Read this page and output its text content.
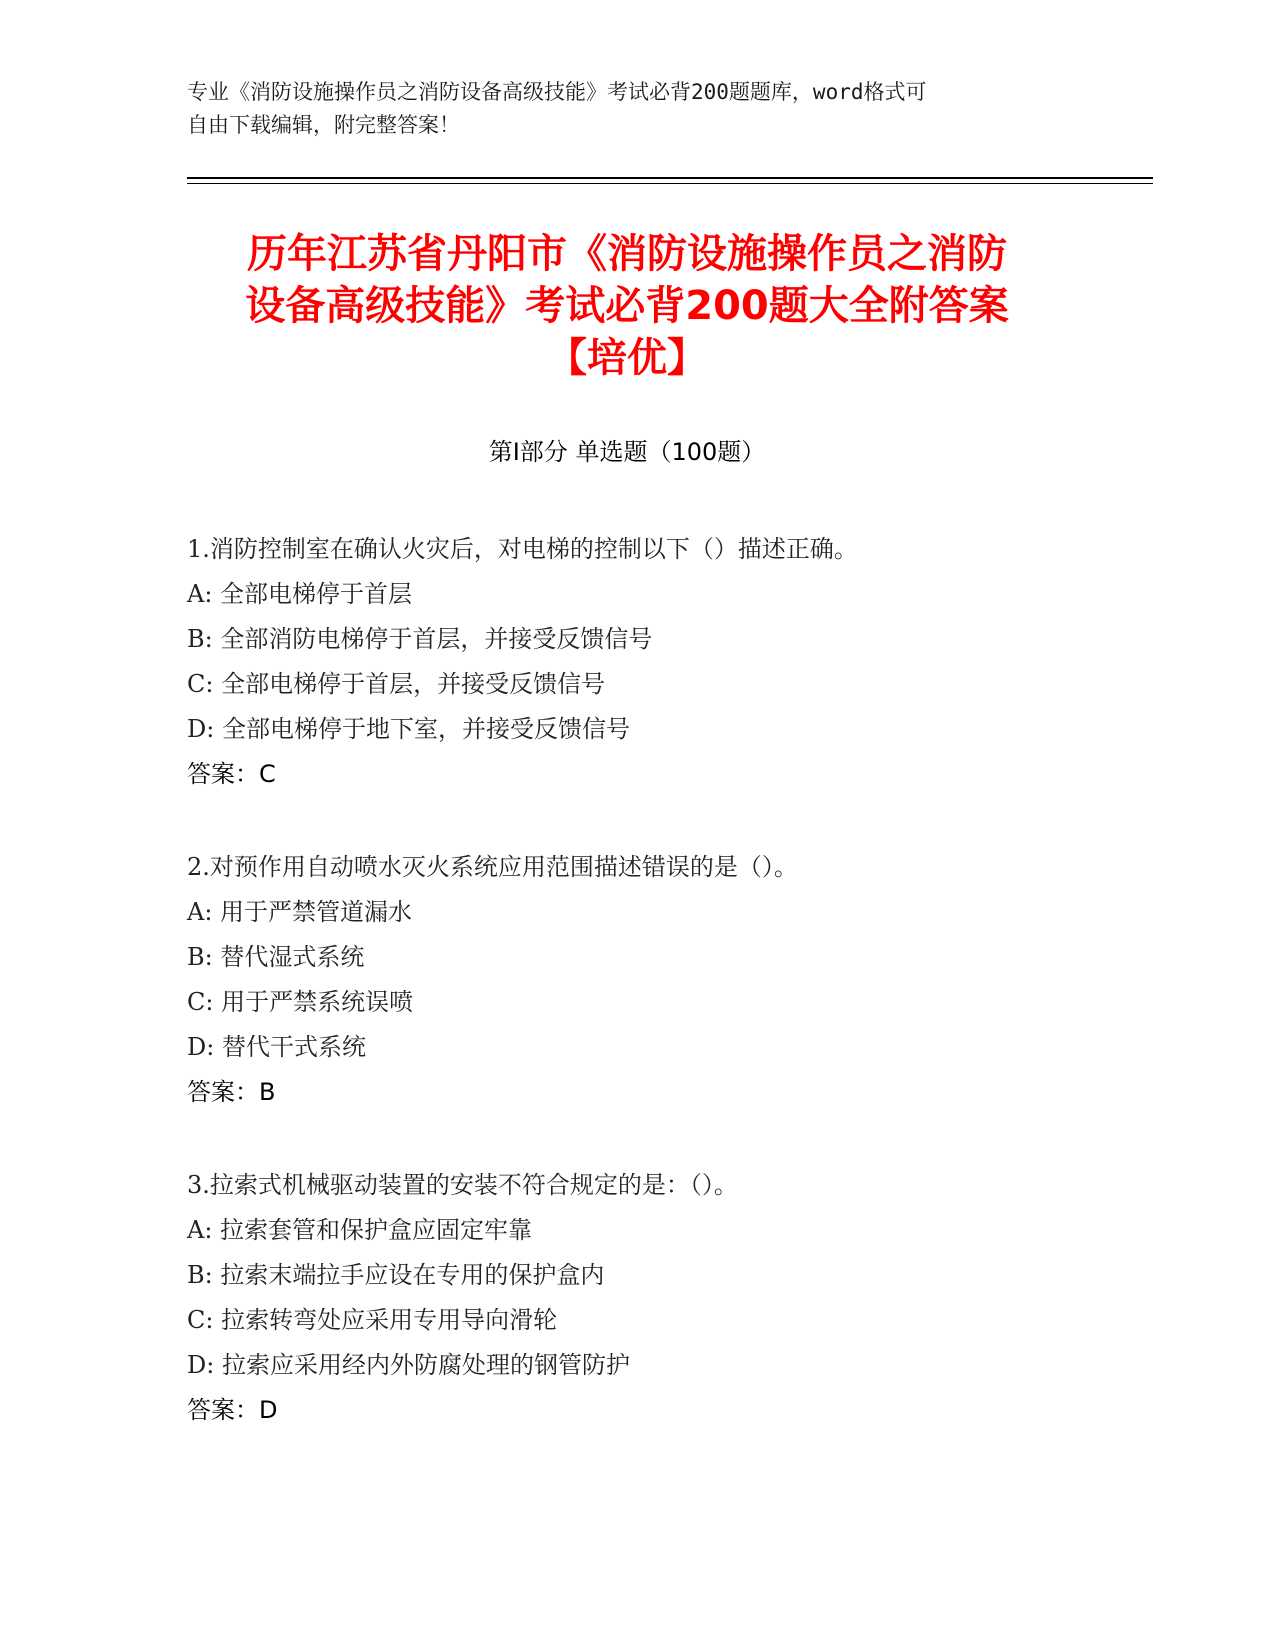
专业《消防设施操作员之消防设备高级技能》考试必背200题题库，word格式可
自由下载编辑，附完整答案！
历年江苏省丹阳市《消防设施操作员之消防
设备高级技能》考试必背200题大全附答案
【培优】
第Ⅰ部分 单选题（100题）
1.消防控制室在确认火灾后，对电梯的控制以下（）描述正确。
A: 全部电梯停于首层
B: 全部消防电梯停于首层，并接受反馈信号
C: 全部电梯停于首层，并接受反馈信号
D: 全部电梯停于地下室，并接受反馈信号
答案：C
2.对预作用自动喷水灭火系统应用范围描述错误的是（）。
A: 用于严禁管道漏水
B: 替代湿式系统
C: 用于严禁系统误喷
D: 替代干式系统
答案：B
3.拉索式机械驱动装置的安装不符合规定的是：（）。
A: 拉索套管和保护盒应固定牢靠
B: 拉索末端拉手应设在专用的保护盒内
C: 拉索转弯处应采用专用导向滑轮
D: 拉索应采用经内外防腐处理的钢管防护
答案：D
